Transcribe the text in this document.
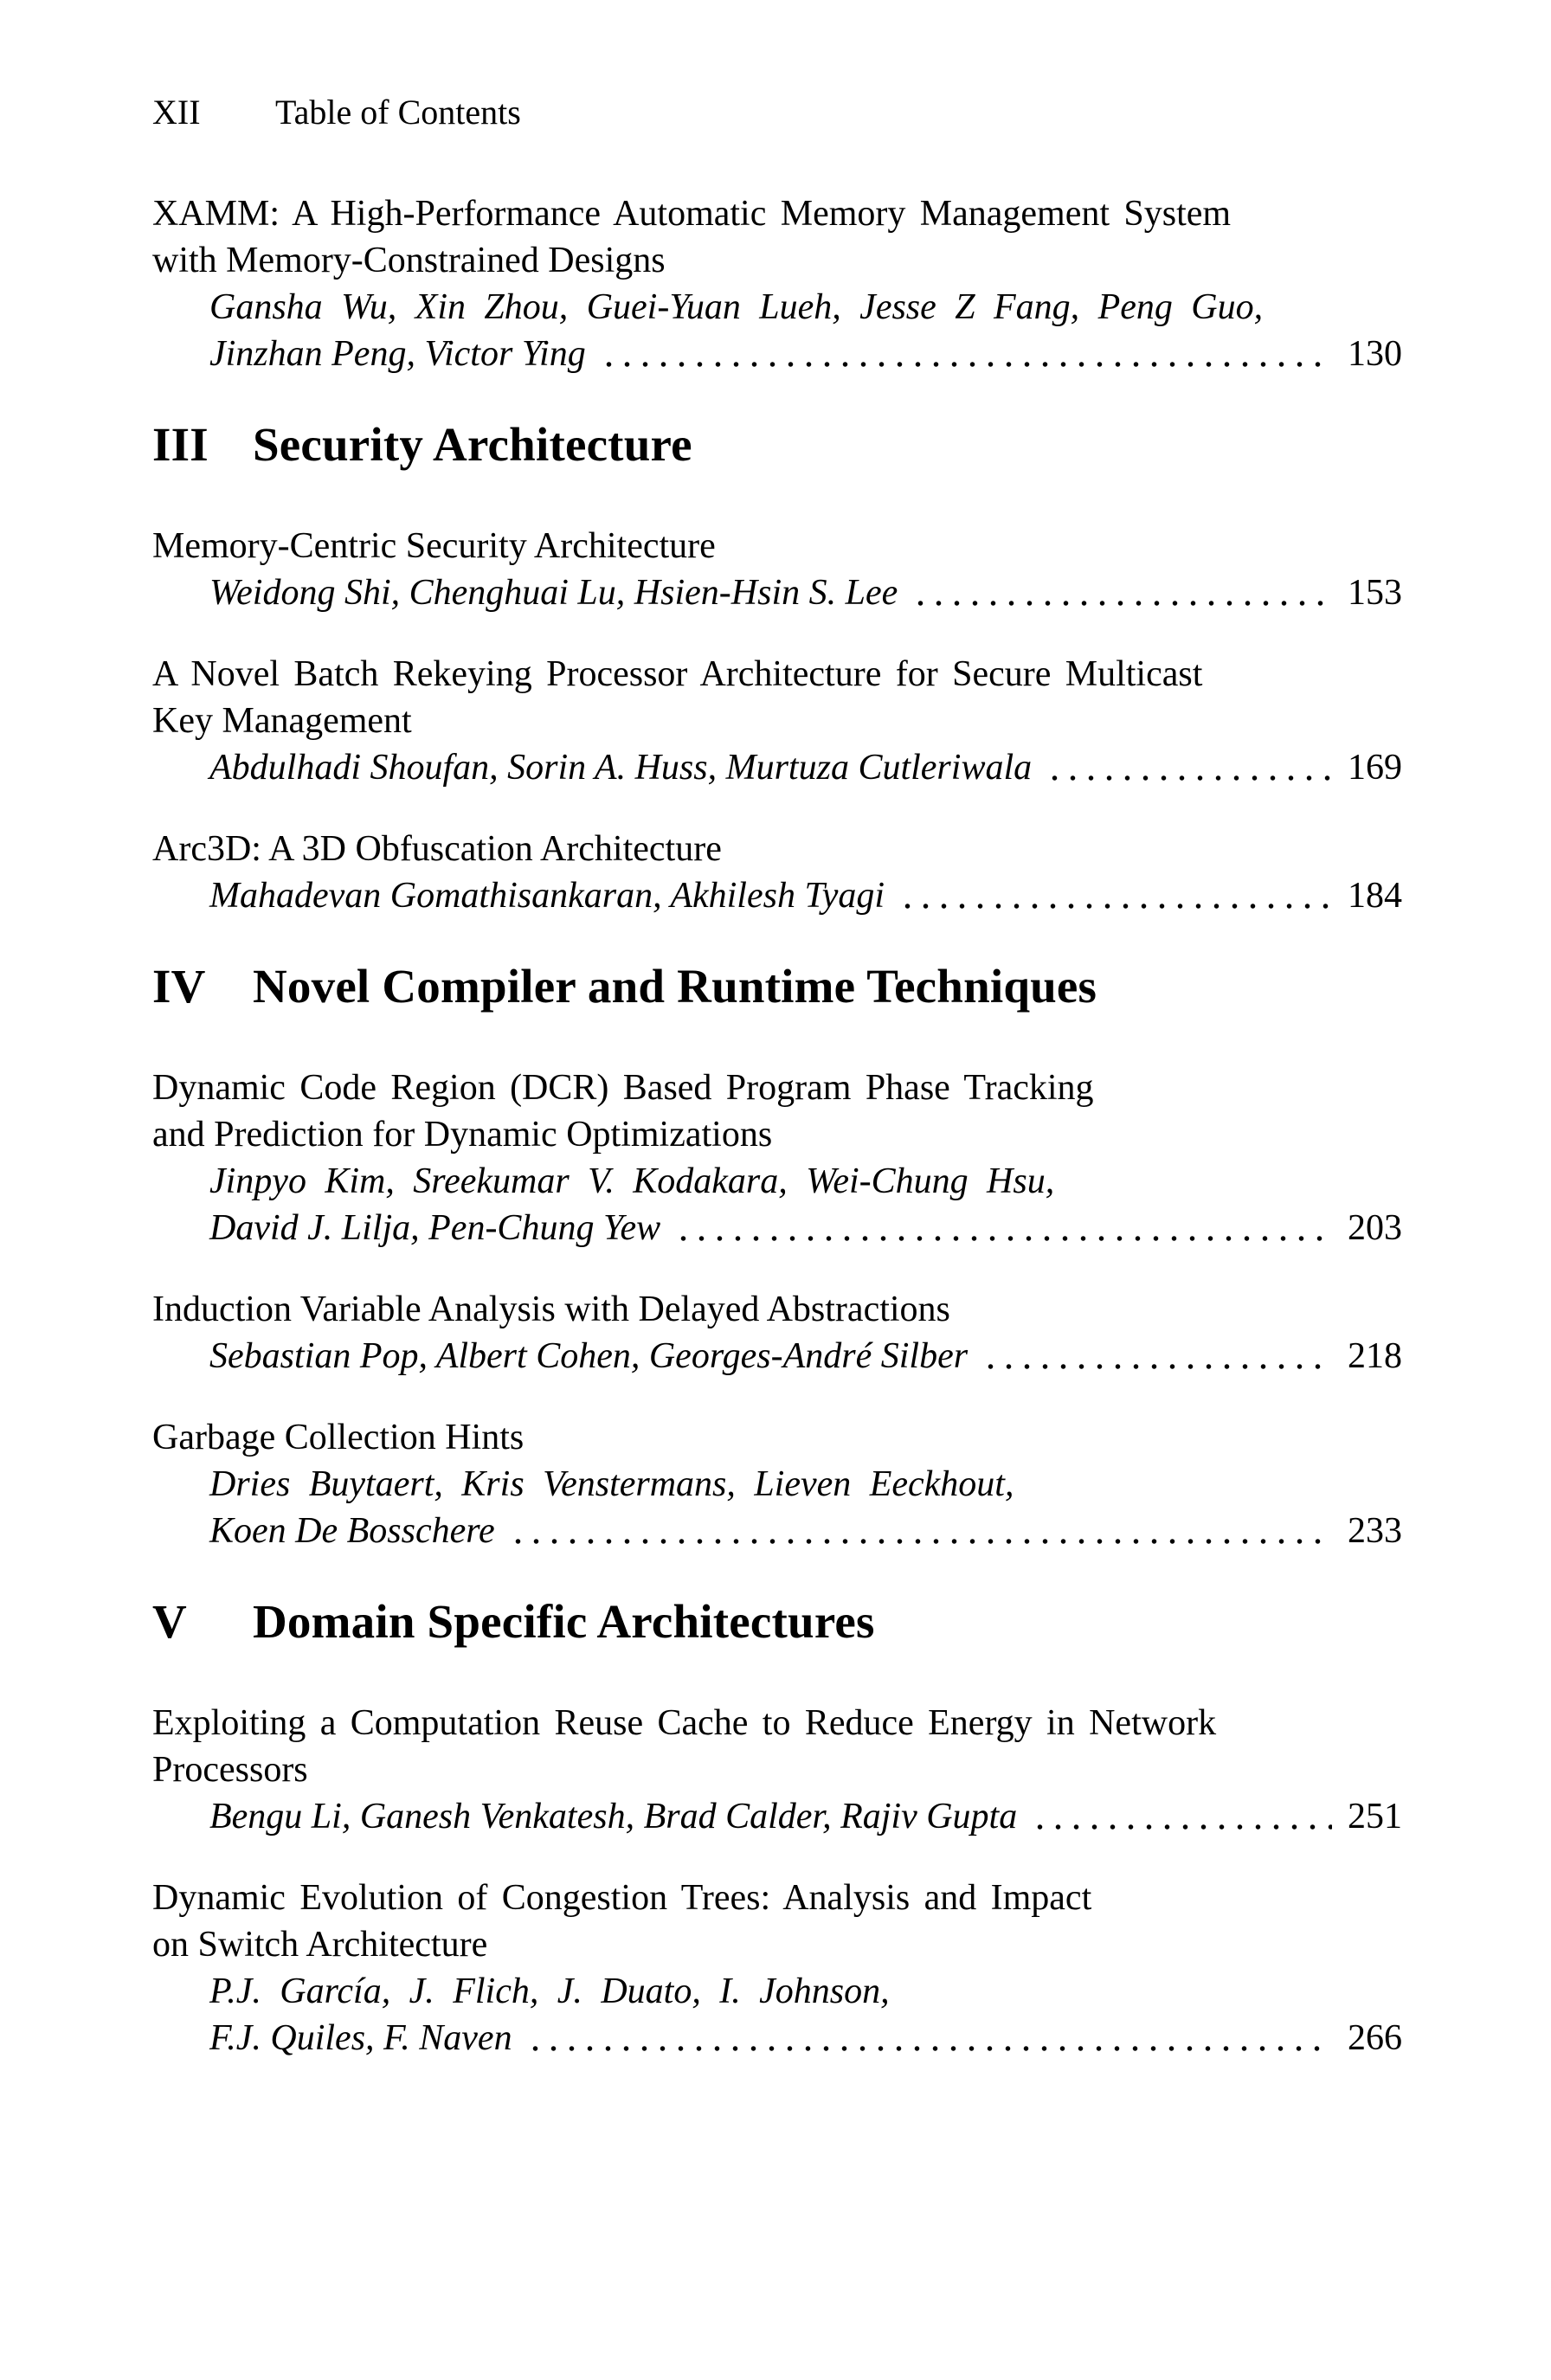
XII	Table of Contents
XAMM: A High-Performance Automatic Memory Management System
with Memory-Constrained Designs
Gansha Wu, Xin Zhou, Guei-Yuan Lueh, Jesse Z Fang, Peng Guo,
Jinzhan Peng, Victor Ying	130
III Security Architecture
Memory-Centric Security Architecture
Weidong Shi, Chenghuai Lu, Hsien-Hsin S. Lee	153
A Novel Batch Rekeying Processor Architecture for Secure Multicast
Key Management
Abdulhadi Shoufan, Sorin A. Huss, Murtuza Cutleriwala	169
Arc3D: A 3D Obfuscation Architecture
Mahadevan Gomathisankaran, Akhilesh Tyagi	184
IV Novel Compiler and Runtime Techniques
Dynamic Code Region (DCR) Based Program Phase Tracking
and Prediction for Dynamic Optimizations
Jinpyo Kim, Sreekumar V. Kodakara, Wei-Chung Hsu,
David J. Lilja, Pen-Chung Yew	203
Induction Variable Analysis with Delayed Abstractions
Sebastian Pop, Albert Cohen, Georges-André Silber	218
Garbage Collection Hints
Dries Buytaert, Kris Venstermans, Lieven Eeckhout,
Koen De Bosschere	233
V	Domain Specific Architectures
Exploiting a Computation Reuse Cache to Reduce Energy in Network
Processors
Bengu Li, Ganesh Venkatesh, Brad Calder, Rajiv Gupta	251
Dynamic Evolution of Congestion Trees: Analysis and Impact
on Switch Architecture
P.J. García, J. Flich, J. Duato, I. Johnson,
F.J. Quiles, F. Naven	266
